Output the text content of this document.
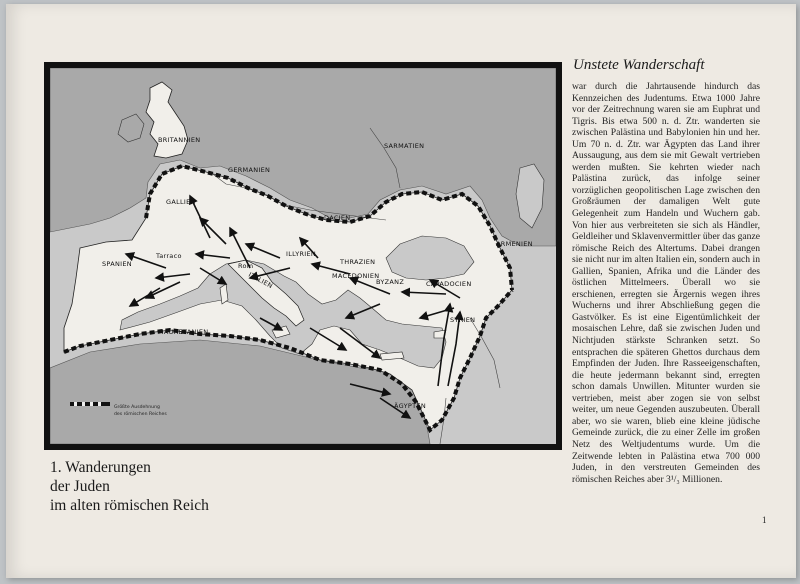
BRITANNIEN
GERMANIEN
SARMATIEN
GALLIEN
DACIEN
SPANIEN
ILLYRIEN
THRAZIEN
ARMENIEN
MACEDONIEN
BYZANZ	CAPADOCIEN
ITALIEN
Rom
Tarraco
SYRIEN
MAURETANIEN
ÄGYPTEN
Größte Ausdehnung
des römischen Reiches
1. Wanderungen
der Juden
im alten römischen Reich
Unstete Wanderschaft
war durch die Jahrtausende hindurch das Kennzeichen des Judentums. Etwa 1000 Jahre vor der Zeitrechnung waren sie am Euphrat und Tigris. Bis etwa 500 n. d. Ztr. wanderten sie zwischen Palästina und Babylonien hin und her. Um 70 n. d. Ztr. war Ägypten das Land ihrer Aussaugung, aus dem sie mit Gewalt vertrieben werden mußten. Sie kehrten wieder nach Palästina zurück, das infolge seiner vorzüglichen geopolitischen Lage zwischen den Großräumen der damaligen Welt gute Gelegenheit zum Handeln und Wuchern gab. Von hier aus verbreiteten sie sich als Händler, Geldleiher und Sklavenvermittler über das ganze römische Reich des Altertums. Dabei drangen sie nicht nur im alten Italien ein, sondern auch in Gallien, Spanien, Afrika und die Länder des östlichen Mittelmeers. Überall wo sie erschienen, erregten sie Ärgernis wegen ihres Wucherns und ihrer Abschließung gegen die Gastvölker. Es ist eine Eigentümlichkeit der mosaischen Lehre, daß sie zwischen Juden und Nichtjuden stärkste Schranken setzt. So entsprachen die späteren Ghettos durchaus dem Empfinden der Juden. Ihre Rasseeigenschaften, die heute jedermann bekannt sind, erregten schon damals Unwillen. Mitunter wurden sie vertrieben, meist aber zogen sie von selbst weiter, um neue Gegenden auszubeuten. Überall aber, wo sie waren, blieb eine kleine jüdische Gemeinde zurück, die zu einer Zelle im großen Netz des Weltjudentums wurde. Um die Zeitwende lebten in Palästina etwa 700 000 Juden, in den verstreuten Gemeinden des römischen Reiches aber 3¹/₃ Millionen.
1
